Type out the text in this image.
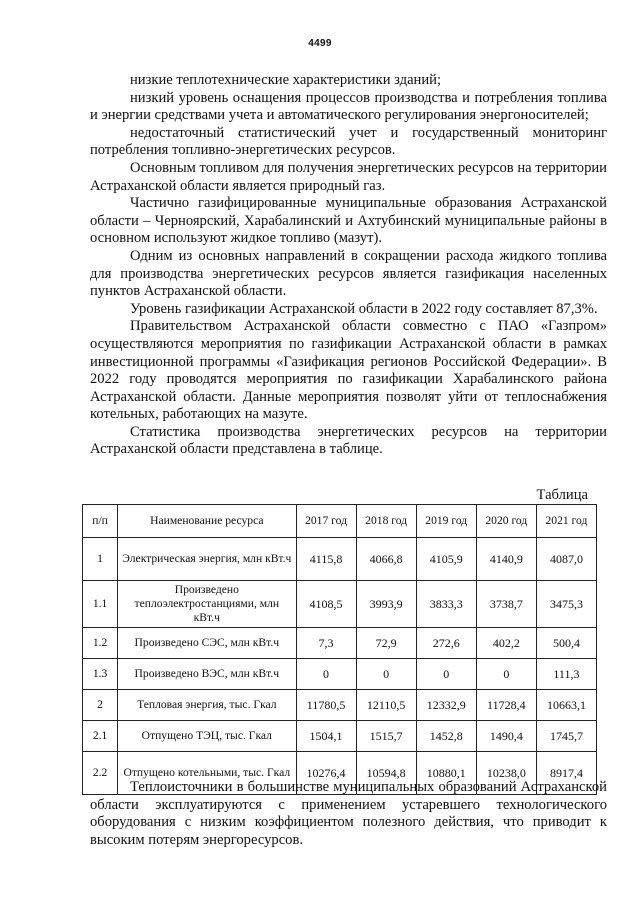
4499

низкие теплотехнические характеристики зданий;

низкий уровень оснащения процессов производства и потребления топлива и энергии средствами учета и автоматического регулирования энергоносителей;

недостаточный статистический учет и государственный мониторинг потребления топливно-энергетических ресурсов.

Основным топливом для получения энергетических ресурсов на территории Астраханской области является природный газ.

Частично газифицированные муниципальные образования Астраханской области – Черноярский, Харабалинский и Ахтубинский муниципальные районы в основном используют жидкое топливо (мазут).

Одним из основных направлений в сокращении расхода жидкого топлива для производства энергетических ресурсов является газификация населенных пунктов Астраханской области.

Уровень газификации Астраханской области в 2022 году составляет 87,3%.

Правительством Астраханской области совместно с ПАО «Газпром» осуществляются мероприятия по газификации Астраханской области в рамках инвестиционной программы «Газификация регионов Российской Федерации». В 2022 году проводятся мероприятия по газификации Харабалинского района Астраханской области. Данные мероприятия позволят уйти от теплоснабжения котельных, работающих на мазуте.

Статистика производства энергетических ресурсов на территории Астраханской области представлена в таблице.

Таблица
п/п	Наименование ресурса	2017 год	2018 год	2019 год	2020 год	2021 год
1	Электрическая энергия, млн кВт.ч	4115,8	4066,8	4105,9	4140,9	4087,0
1.1	Произведено теплоэлектростанциями, млн кВт.ч	4108,5	3993,9	3833,3	3738,7	3475,3
1.2	Произведено СЭС, млн кВт.ч	7,3	72,9	272,6	402,2	500,4
1.3	Произведено ВЭС, млн кВт.ч	0	0	0	0	111,3
2	Тепловая энергия, тыс. Гкал	11780,5	12110,5	12332,9	11728,4	10663,1
2.1	Отпущено ТЭЦ, тыс. Гкал	1504,1	1515,7	1452,8	1490,4	1745,7
2.2	Отпущено котельными, тыс. Гкал	10276,4	10594,8	10880,1	10238,0	8917,4

Теплоисточники в большинстве муниципальных образований Астраханской области эксплуатируются с применением устаревшего технологического оборудования с низким коэффициентом полезного действия, что приводит к высоким потерям энергоресурсов.
